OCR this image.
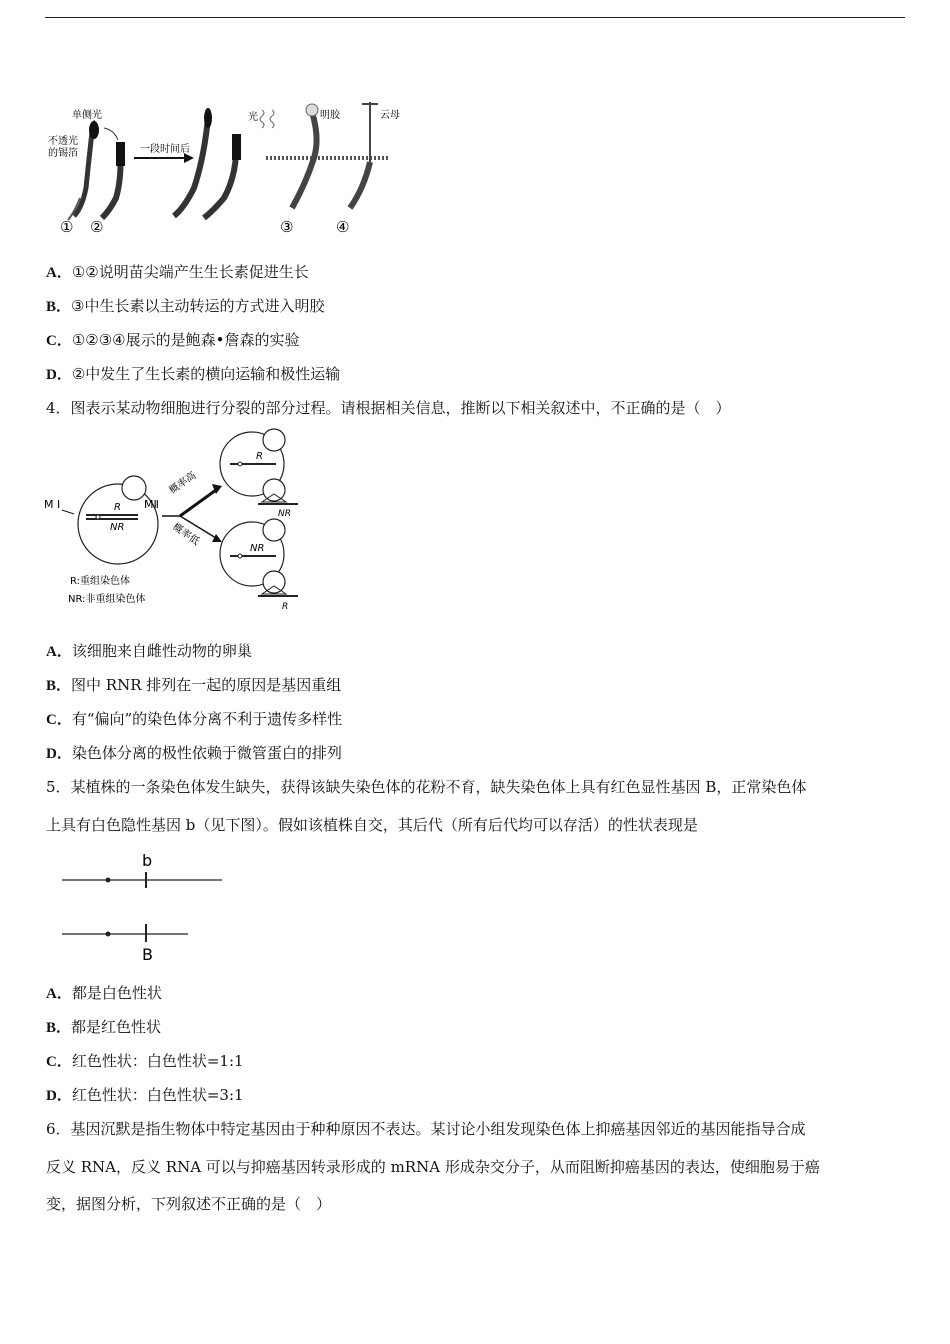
单侧光
不透光
的锡箔
① ②
一段时间后
光	明胶	云母
③	④
A．①②说明苗尖端产生生长素促进生长
B．③中生长素以主动转运的方式进入明胶
C．①②③④展示的是鲍森•詹森的实验
D．②中发生了生长素的横向运输和极性运输
4．图表示某动物细胞进行分裂的部分过程。请根据相关信息，推断以下相关叙述中，不正确的是（　）
M Ⅰ	R
NR
MⅡ
概率高
概率低
R
NR
NR
R
R:重组染色体
NR:非重组染色体
A．该细胞来自雌性动物的卵巢
B．图中 RNR 排列在一起的原因是基因重组
C．有“偏向”的染色体分离不利于遗传多样性
D．染色体分离的极性依赖于微管蛋白的排列
5．某植株的一条染色体发生缺失，获得该缺失染色体的花粉不育，缺失染色体上具有红色显性基因 B，正常染色体
上具有白色隐性基因 b（见下图）。假如该植株自交，其后代（所有后代均可以存活）的性状表现是
b
B
A．都是白色性状
B．都是红色性状
C．红色性状：白色性状=1:1
D．红色性状：白色性状=3:1
6．基因沉默是指生物体中特定基因由于种种原因不表达。某讨论小组发现染色体上抑癌基因邻近的基因能指导合成
反义 RNA，反义 RNA 可以与抑癌基因转录形成的 mRNA 形成杂交分子，从而阻断抑癌基因的表达，使细胞易于癌
变，据图分析，下列叙述不正确的是（　）
